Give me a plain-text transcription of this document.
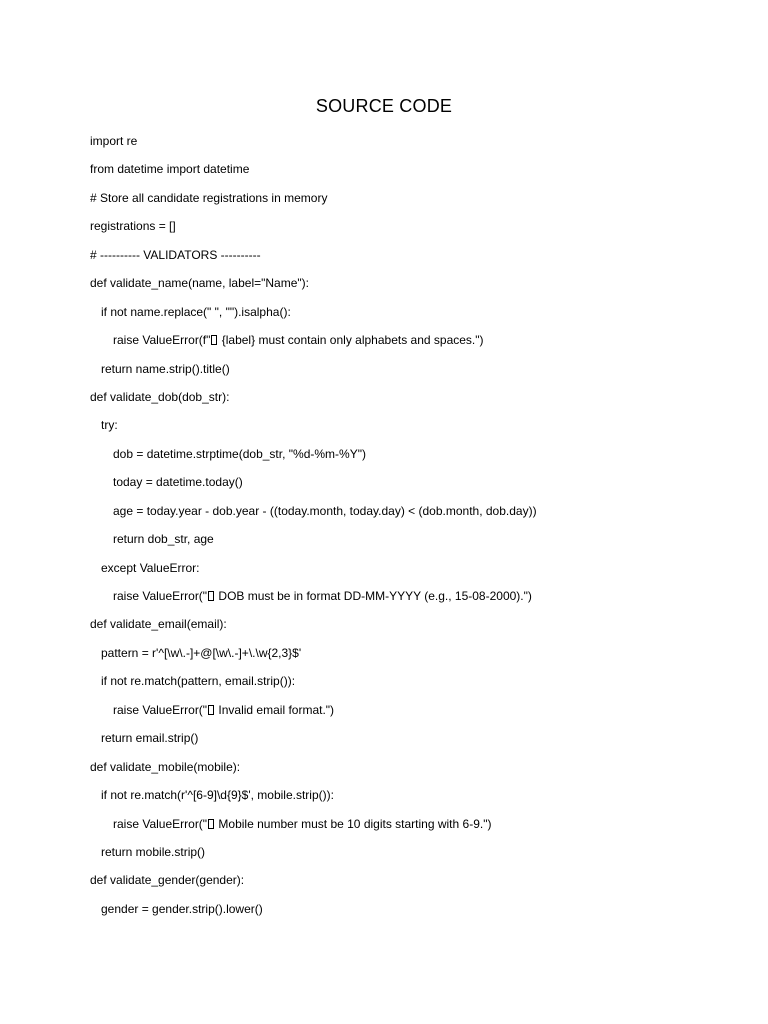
SOURCE CODE
import re
from datetime import datetime
# Store all candidate registrations in memory
registrations = []
# ---------- VALIDATORS ----------
def validate_name(name, label="Name"):
if not name.replace(" ", "").isalpha():
raise ValueError(f" {label} must contain only alphabets and spaces.")
return name.strip().title()
def validate_dob(dob_str):
try:
dob = datetime.strptime(dob_str, "%d-%m-%Y")
today = datetime.today()
age = today.year - dob.year - ((today.month, today.day) < (dob.month, dob.day))
return dob_str, age
except ValueError:
raise ValueError(" DOB must be in format DD-MM-YYYY (e.g., 15-08-2000).")
def validate_email(email):
pattern = r'^[\w\.-]+@[\w\.-]+\.\w{2,3}$'
if not re.match(pattern, email.strip()):
raise ValueError(" Invalid email format.")
return email.strip()
def validate_mobile(mobile):
if not re.match(r'^[6-9]\d{9}$', mobile.strip()):
raise ValueError(" Mobile number must be 10 digits starting with 6-9.")
return mobile.strip()
def validate_gender(gender):
gender = gender.strip().lower()
